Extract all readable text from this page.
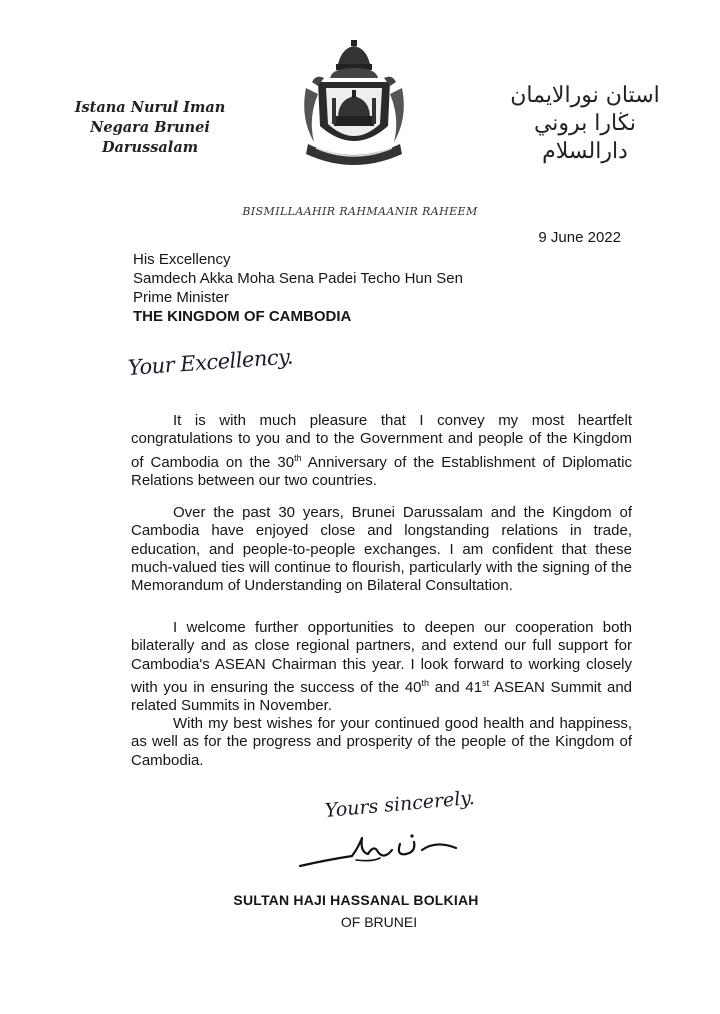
Istana Nurul Iman
Negara Brunei Darussalam
استان نورالايمان
نڬارا بروني دارالسلام
BISMILLAAHIR RAHMAANIR RAHEEM
9 June 2022
His Excellency
Samdech Akka Moha Sena Padei Techo Hun Sen
Prime Minister
THE KINGDOM OF CAMBODIA
Your Excellency.

It is with much pleasure that I convey my most heartfelt congratulations to you and to the Government and people of the Kingdom of Cambodia on the 30th Anniversary of the Establishment of Diplomatic Relations between our two countries.

Over the past 30 years, Brunei Darussalam and the Kingdom of Cambodia have enjoyed close and longstanding relations in trade, education, and people-to-people exchanges. I am confident that these much-valued ties will continue to flourish, particularly with the signing of the Memorandum of Understanding on Bilateral Consultation.

I welcome further opportunities to deepen our cooperation both bilaterally and as close regional partners, and extend our full support for Cambodia's ASEAN Chairman this year. I look forward to working closely with you in ensuring the success of the 40th and 41st ASEAN Summit and related Summits in November.

With my best wishes for your continued good health and happiness, as well as for the progress and prosperity of the people of the Kingdom of Cambodia.

Yours sincerely.
SULTAN HAJI HASSANAL BOLKIAH
OF BRUNEI
